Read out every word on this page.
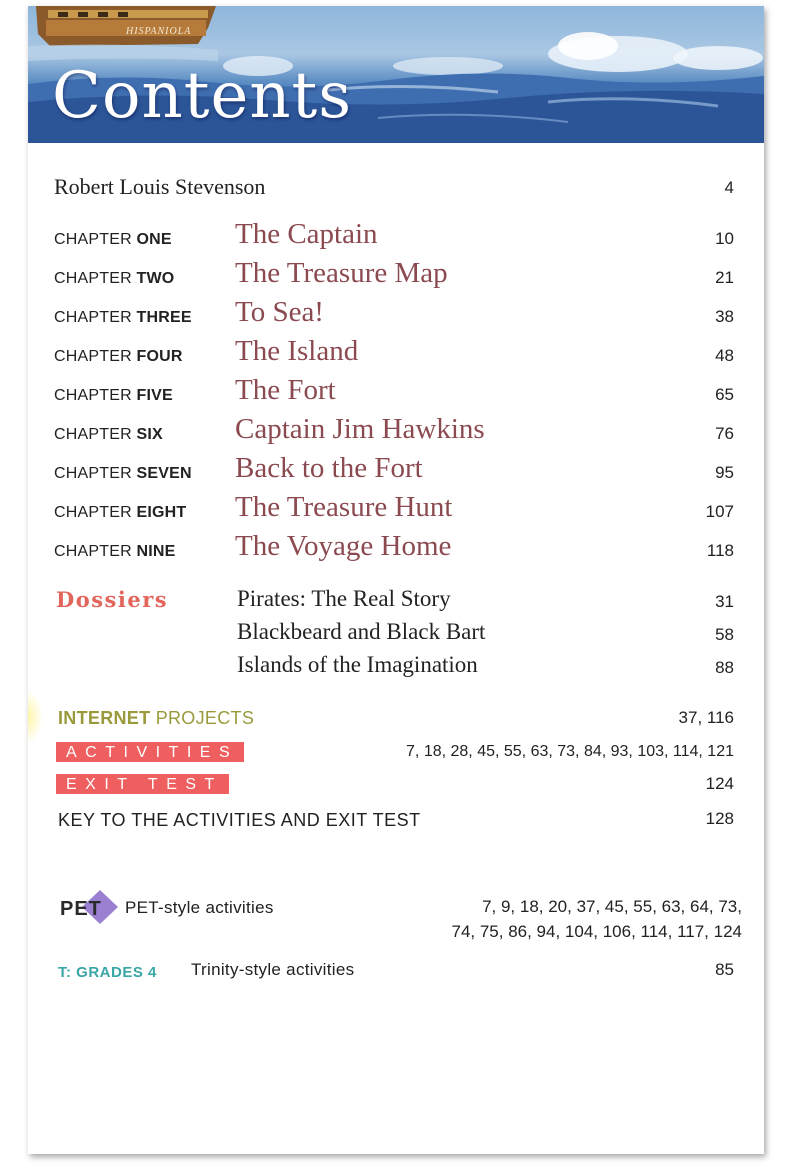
HISPANIOLA
Contents
Robert Louis Stevenson	4
CHAPTER ONE The Captain	10
CHAPTER TWO The Treasure Map	21
CHAPTER THREE To Sea!	38
CHAPTER FOUR The Island	48
CHAPTER FIVE The Fort	65
CHAPTER SIX Captain Jim Hawkins	76
CHAPTER SEVEN Back to the Fort	95
CHAPTER EIGHT The Treasure Hunt	107
CHAPTER NINE The Voyage Home	118
Dossiers	Pirates: The Real Story	31
Blackbeard and Black Bart	58
Islands of the Imagination	88
INTERNET PROJECTS	37, 116
ACTIVITIES	7, 18, 28, 45, 55, 63, 73, 84, 93, 103, 114, 121
EXIT TEST	124
KEY TO THE ACTIVITIES AND EXIT TEST	128
PET PET-style activities	7, 9, 18, 20, 37, 45, 55, 63, 64, 73,
74, 75, 86, 94, 104, 106, 114, 117, 124
T: GRADES 4 Trinity-style activities	85
